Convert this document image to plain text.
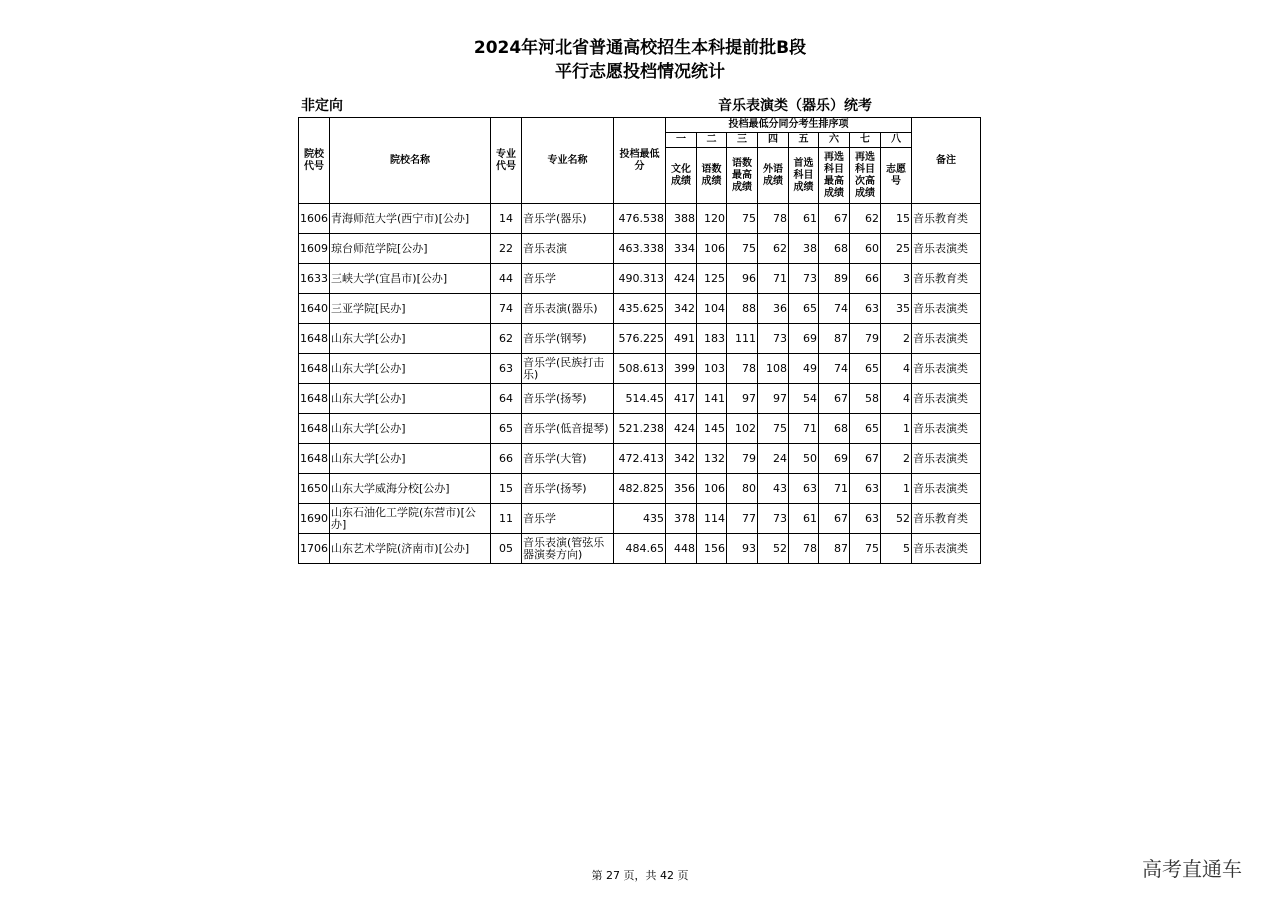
2024年河北省普通高校招生本科提前批B段
平行志愿投档情况统计
非定向	音乐表演类（器乐）统考
院校代号	院校名称	专业代号	专业名称	投档最低分	投档最低分同分考生排序项								备注
					一	二	三	四	五	六	七	八	
					文化成绩	语数成绩	语数最高成绩	外语成绩	首选科目成绩	再选科目最高成绩	再选科目次高成绩	志愿号	
1606	青海师范大学(西宁市)[公办]	14	音乐学(器乐)	476.538	388	120	75	78	61	67	62	15	音乐教育类
1609	琼台师范学院[公办]	22	音乐表演	463.338	334	106	75	62	38	68	60	25	音乐表演类
1633	三峡大学(宜昌市)[公办]	44	音乐学	490.313	424	125	96	71	73	89	66	3	音乐教育类
1640	三亚学院[民办]	74	音乐表演(器乐)	435.625	342	104	88	36	65	74	63	35	音乐表演类
1648	山东大学[公办]	62	音乐学(钢琴)	576.225	491	183	111	73	69	87	79	2	音乐表演类
1648	山东大学[公办]	63	音乐学(民族打击乐)	508.613	399	103	78	108	49	74	65	4	音乐表演类
1648	山东大学[公办]	64	音乐学(扬琴)	514.45	417	141	97	97	54	67	58	4	音乐表演类
1648	山东大学[公办]	65	音乐学(低音提琴)	521.238	424	145	102	75	71	68	65	1	音乐表演类
1648	山东大学[公办]	66	音乐学(大管)	472.413	342	132	79	24	50	69	67	2	音乐表演类
1650	山东大学威海分校[公办]	15	音乐学(扬琴)	482.825	356	106	80	43	63	71	63	1	音乐表演类
1690	山东石油化工学院(东营市)[公办]	11	音乐学	435	378	114	77	73	61	67	63	52	音乐教育类
1706	山东艺术学院(济南市)[公办]	05	音乐表演(管弦乐器演奏方向)	484.65	448	156	93	52	78	87	75	5	音乐表演类
第 27 页，共 42 页	高考直通车
